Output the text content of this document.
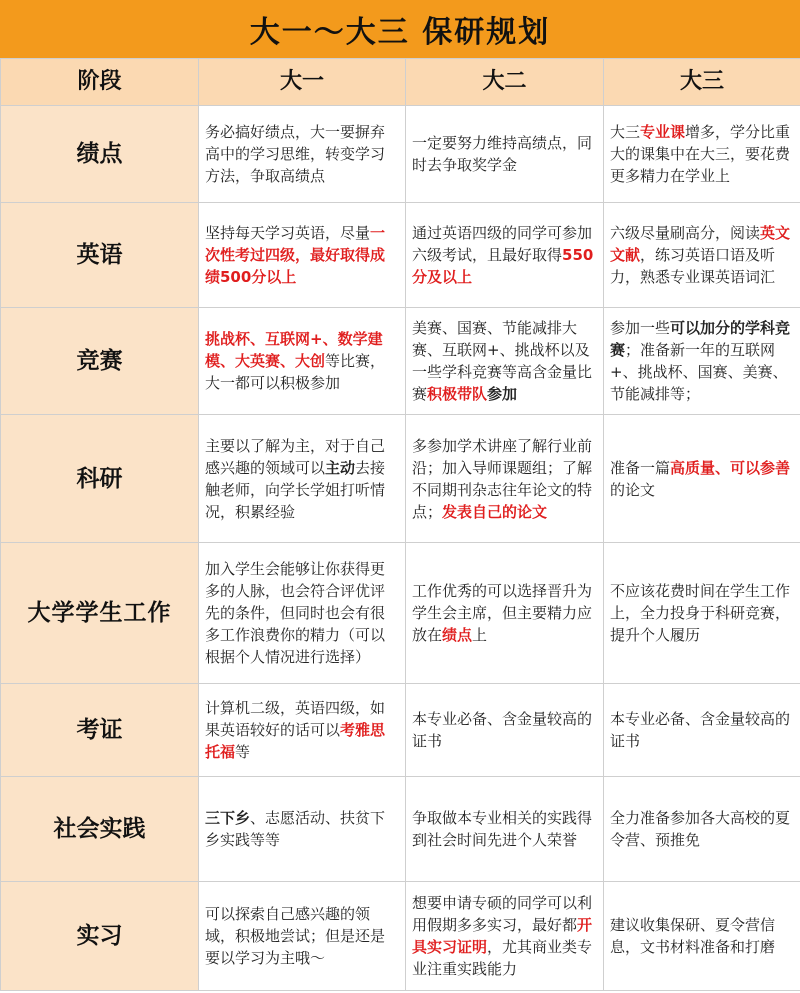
大一～大三 保研规划
阶段	大一	大二	大三
绩点	务必搞好绩点，大一要摒弃高中的学习思维，转变学习方法，争取高绩点	一定要努力维持高绩点，同时去争取奖学金	大三专业课增多，学分比重大的课集中在大三，要花费更多精力在学业上
英语	坚持每天学习英语，尽量一次性考过四级，最好取得成绩500分以上	通过英语四级的同学可参加六级考试，且最好取得550分及以上	六级尽量刷高分，阅读英文文献，练习英语口语及听力，熟悉专业课英语词汇
竞赛	挑战杯、互联网+、数学建模、大英赛、大创等比赛，大一都可以积极参加	美赛、国赛、节能减排大赛、互联网+、挑战杯以及一些学科竞赛等高含金量比赛积极带队参加	参加一些可以加分的学科竞赛；准备新一年的互联网+、挑战杯、国赛、美赛、节能减排等；
科研	主要以了解为主，对于自己感兴趣的领域可以主动去接触老师，向学长学姐打听情况，积累经验	多参加学术讲座了解行业前沿；加入导师课题组；了解不同期刊杂志往年论文的特点；发表自己的论文	准备一篇高质量、可以参善的论文
大学学生工作	加入学生会能够让你获得更多的人脉，也会符合评优评先的条件，但同时也会有很多工作浪费你的精力（可以根据个人情况进行选择）	工作优秀的可以选择晋升为学生会主席，但主要精力应放在绩点上	不应该花费时间在学生工作上，全力投身于科研竞赛，提升个人履历
考证	计算机二级，英语四级，如果英语较好的话可以考雅思托福等	本专业必备、含金量较高的证书	本专业必备、含金量较高的证书
社会实践	三下乡、志愿活动、扶贫下乡实践等等	争取做本专业相关的实践得到社会时间先进个人荣誉	全力准备参加各大高校的夏令营、预推免
实习	可以探索自己感兴趣的领域，积极地尝试；但是还是要以学习为主哦～	想要申请专硕的同学可以利用假期多多实习，最好都开具实习证明，尤其商业类专业注重实践能力	建议收集保研、夏令营信息，文书材料准备和打磨
